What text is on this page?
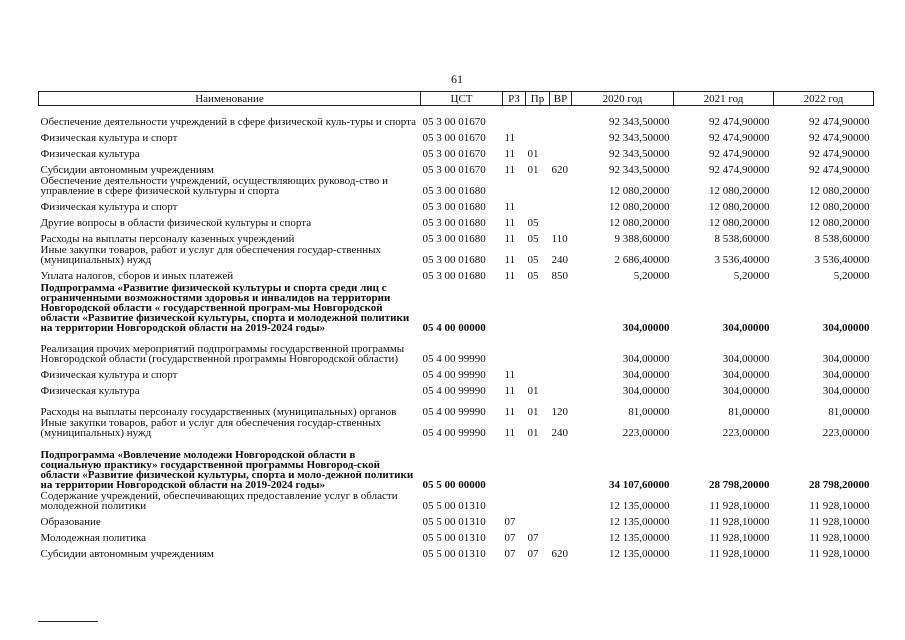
61
Наименование	ЦСТ	РЗ	Пр	ВР	2020 год	2021 год	2022 год
Обеспечение деятельности учреждений в сфере физической куль-туры и спорта	05 3 00 01670				92 343,50000	92 474,90000	92 474,90000
Физическая культура и спорт	05 3 00 01670	11			92 343,50000	92 474,90000	92 474,90000
Физическая культура	05 3 00 01670	11	01		92 343,50000	92 474,90000	92 474,90000
Субсидии автономным учреждениям	05 3 00 01670	11	01	620	92 343,50000	92 474,90000	92 474,90000
Обеспечение деятельности учреждений, осуществляющих руковод-ство и управление в сфере физической культуры и спорта	05 3 00 01680				12 080,20000	12 080,20000	12 080,20000
Физическая культура и спорт	05 3 00 01680	11			12 080,20000	12 080,20000	12 080,20000
Другие вопросы в области физической культуры и спорта	05 3 00 01680	11	05		12 080,20000	12 080,20000	12 080,20000
Расходы на выплаты персоналу казенных учреждений	05 3 00 01680	11	05	110	9 388,60000	8 538,60000	8 538,60000
Иные закупки товаров, работ и услуг для обеспечения государ-ственных (муниципальных) нужд	05 3 00 01680	11	05	240	2 686,40000	3 536,40000	3 536,40000
Уплата налогов, сборов и иных платежей	05 3 00 01680	11	05	850	5,20000	5,20000	5,20000
Подпрограмма «Развитие физической культуры и спорта среди лиц с ограниченными возможностями здоровья и инвалидов на территории Новгородской области « государственной програм-мы Новгородской области «Развитие физической культуры, спорта и молодежной политики на территории Новгородской области на 2019-2024 годы»	05 4 00 00000				304,00000	304,00000	304,00000
Реализация прочих мероприятий подпрограммы государственной программы Новгородской области (государственной программы Новгородской области)	05 4 00 99990				304,00000	304,00000	304,00000
Физическая культура и спорт	05 4 00 99990	11			304,00000	304,00000	304,00000
Физическая культура	05 4 00 99990	11	01		304,00000	304,00000	304,00000
Расходы на выплаты персоналу государственных (муниципальных) органов	05 4 00 99990	11	01	120	81,00000	81,00000	81,00000
Иные закупки товаров, работ и услуг для обеспечения государ-ственных (муниципальных) нужд	05 4 00 99990	11	01	240	223,00000	223,00000	223,00000
Подпрограмма «Вовлечение молодежи Новгородской области в социальную практику» государственной программы Новгород-ской области «Развитие физической культуры, спорта и моло-дежной политики на территории Новгородской области на 2019-2024 годы»	05 5 00 00000				34 107,60000	28 798,20000	28 798,20000
Содержание учреждений, обеспечивающих предоставление услуг в области молодежной политики	05 5 00 01310				12 135,00000	11 928,10000	11 928,10000
Образование	05 5 00 01310	07			12 135,00000	11 928,10000	11 928,10000
Молодежная политика	05 5 00 01310	07	07		12 135,00000	11 928,10000	11 928,10000
Субсидии автономным учреждениям	05 5 00 01310	07	07	620	12 135,00000	11 928,10000	11 928,10000
